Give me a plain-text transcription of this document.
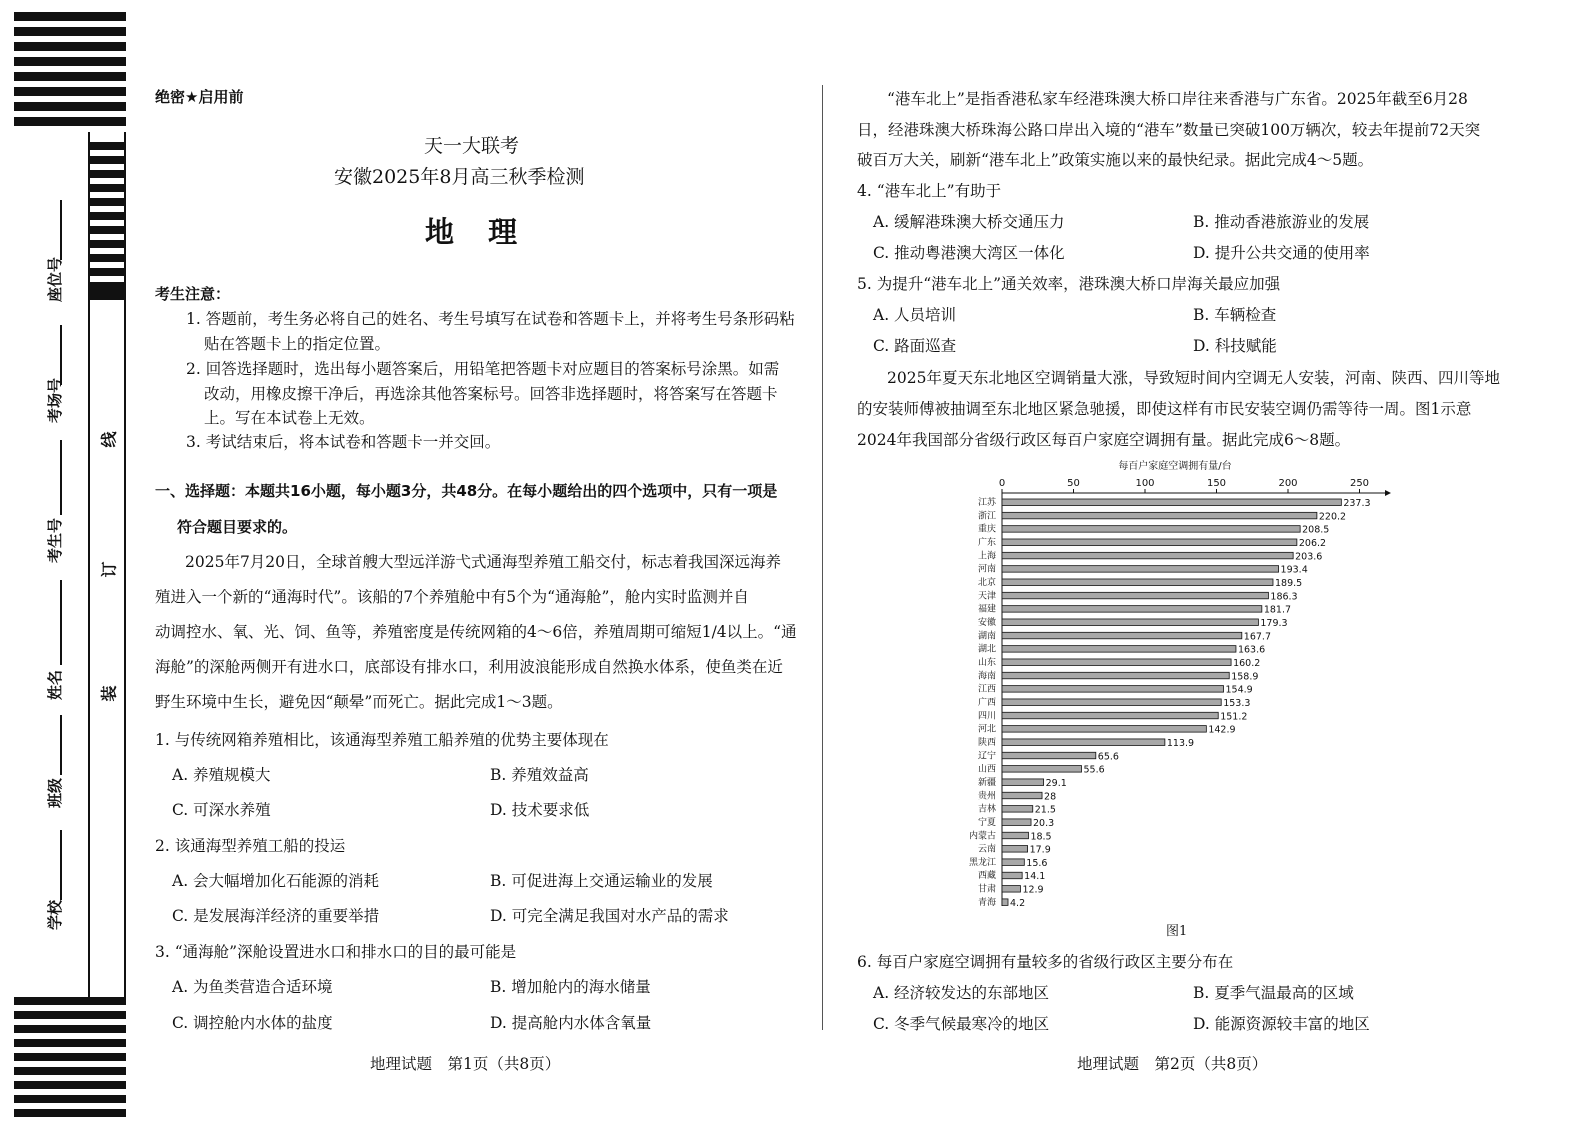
座位号
考场号
考生号
姓名
班级
学校
线
订
装
绝密★启用前
天一大联考
安徽2025年8月高三秋季检测
地 理
考生注意：
1. 答题前，考生务必将自己的姓名、考生号填写在试卷和答题卡上，并将考生号条形码粘
贴在答题卡上的指定位置。
2. 回答选择题时，选出每小题答案后，用铅笔把答题卡对应题目的答案标号涂黑。如需
改动，用橡皮擦干净后，再选涂其他答案标号。回答非选择题时，将答案写在答题卡
上。写在本试卷上无效。
3. 考试结束后，将本试卷和答题卡一并交回。
一、选择题：本题共16小题，每小题3分，共48分。在每小题给出的四个选项中，只有一项是
符合题目要求的。
2025年7月20日，全球首艘大型远洋游弋式通海型养殖工船交付，标志着我国深远海养
殖进入一个新的“通海时代”。该船的7个养殖舱中有5个为“通海舱”，舱内实时监测并自
动调控水、氧、光、饲、鱼等，养殖密度是传统网箱的4～6倍，养殖周期可缩短1/4以上。“通
海舱”的深舱两侧开有进水口，底部设有排水口，利用波浪能形成自然换水体系，使鱼类在近
野生环境中生长，避免因“颠晕”而死亡。据此完成1～3题。
1. 与传统网箱养殖相比，该通海型养殖工船养殖的优势主要体现在
A. 养殖规模大	B. 养殖效益高
C. 可深水养殖	D. 技术要求低
2. 该通海型养殖工船的投运
A. 会大幅增加化石能源的消耗	B. 可促进海上交通运输业的发展
C. 是发展海洋经济的重要举措	D. 可完全满足我国对水产品的需求
3. “通海舱”深舱设置进水口和排水口的目的最可能是
A. 为鱼类营造合适环境	B. 增加舱内的海水储量
C. 调控舱内水体的盐度	D. 提高舱内水体含氧量
地理试题　第1页（共8页）
“港车北上”是指香港私家车经港珠澳大桥口岸往来香港与广东省。2025年截至6月28
日，经港珠澳大桥珠海公路口岸出入境的“港车”数量已突破100万辆次，较去年提前72天突
破百万大关，刷新“港车北上”政策实施以来的最快纪录。据此完成4～5题。
4. “港车北上”有助于
A. 缓解港珠澳大桥交通压力	B. 推动香港旅游业的发展
C. 推动粤港澳大湾区一体化	D. 提升公共交通的使用率
5. 为提升“港车北上”通关效率，港珠澳大桥口岸海关最应加强
A. 人员培训	B. 车辆检查
C. 路面巡查	D. 科技赋能
2025年夏天东北地区空调销量大涨，导致短时间内空调无人安装，河南、陕西、四川等地
的安装师傅被抽调至东北地区紧急驰援，即使这样有市民安装空调仍需等待一周。图1示意
2024年我国部分省级行政区每百户家庭空调拥有量。据此完成6～8题。
每百户家庭空调拥有量/台
0	50	100	150	200	250
江苏	237.3
浙江	220.2
重庆	208.5
广东	206.2
上海	203.6
河南	193.4
北京	189.5
天津	186.3
福建	181.7
安徽	179.3
湖南	167.7
湖北	163.6
山东	160.2
海南	158.9
江西	154.9
广西	153.3
四川	151.2
河北	142.9
陕西	113.9
辽宁	65.6
山西	55.6
新疆	29.1
贵州	28
吉林	21.5
宁夏	20.3
内蒙古	18.5
云南	17.9
黑龙江	15.6
西藏	14.1
甘肃	12.9
青海 4.2
图1
6. 每百户家庭空调拥有量较多的省级行政区主要分布在
A. 经济较发达的东部地区	B. 夏季气温最高的区域
C. 冬季气候最寒冷的地区	D. 能源资源较丰富的地区
地理试题　第2页（共8页）
